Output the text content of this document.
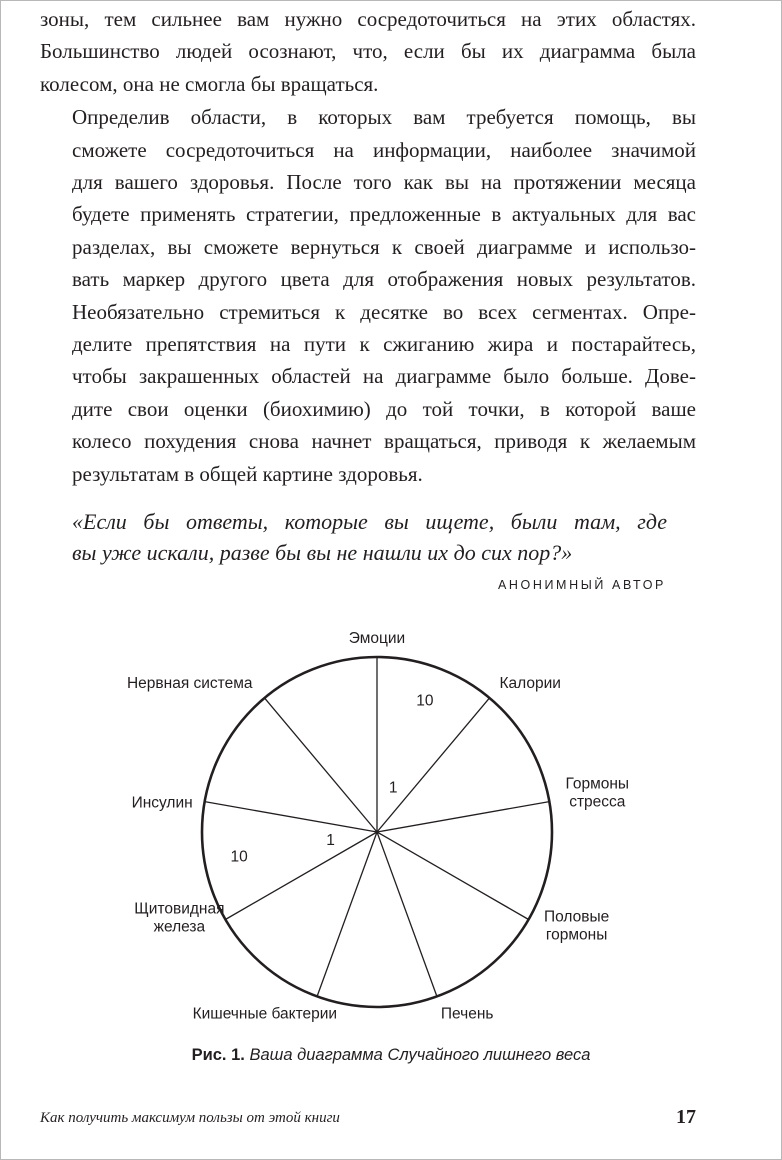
зоны, тем сильнее вам нужно сосредоточиться на этих областях.
Большинство людей осознают, что, если бы их диаграмма была
колесом, она не смогла бы вращаться.

Определив области, в которых вам требуется помощь, вы
сможете сосредоточиться на информации, наиболее значимой
для вашего здоровья. После того как вы на протяжении месяца
будете применять стратегии, предложенные в актуальных для вас
разделах, вы сможете вернуться к своей диаграмме и использо-
вать маркер другого цвета для отображения новых результатов.
Необязательно стремиться к десятке во всех сегментах. Опре-
делите препятствия на пути к сжиганию жира и постарайтесь,
чтобы закрашенных областей на диаграмме было больше. Дове-
дите свои оценки (биохимию) до той точки, в которой ваше
колесо похудения снова начнет вращаться, приводя к желаемым
результатам в общей картине здоровья.

«Если бы ответы, которые вы ищете, были там, где
вы уже искали, разве бы вы не нашли их до сих пор?»
АНОНИМНЫЙ АВТОР
Эмоции
Калории
Гормоны стресса
Половые гормоны
Печень
Кишечные бактерии
Щитовидная железа
Инсулин
Нервная система
10
1
10
1
Рис. 1. Ваша диаграмма Случайного лишнего веса
Как получить максимум пользы от этой книги	17
